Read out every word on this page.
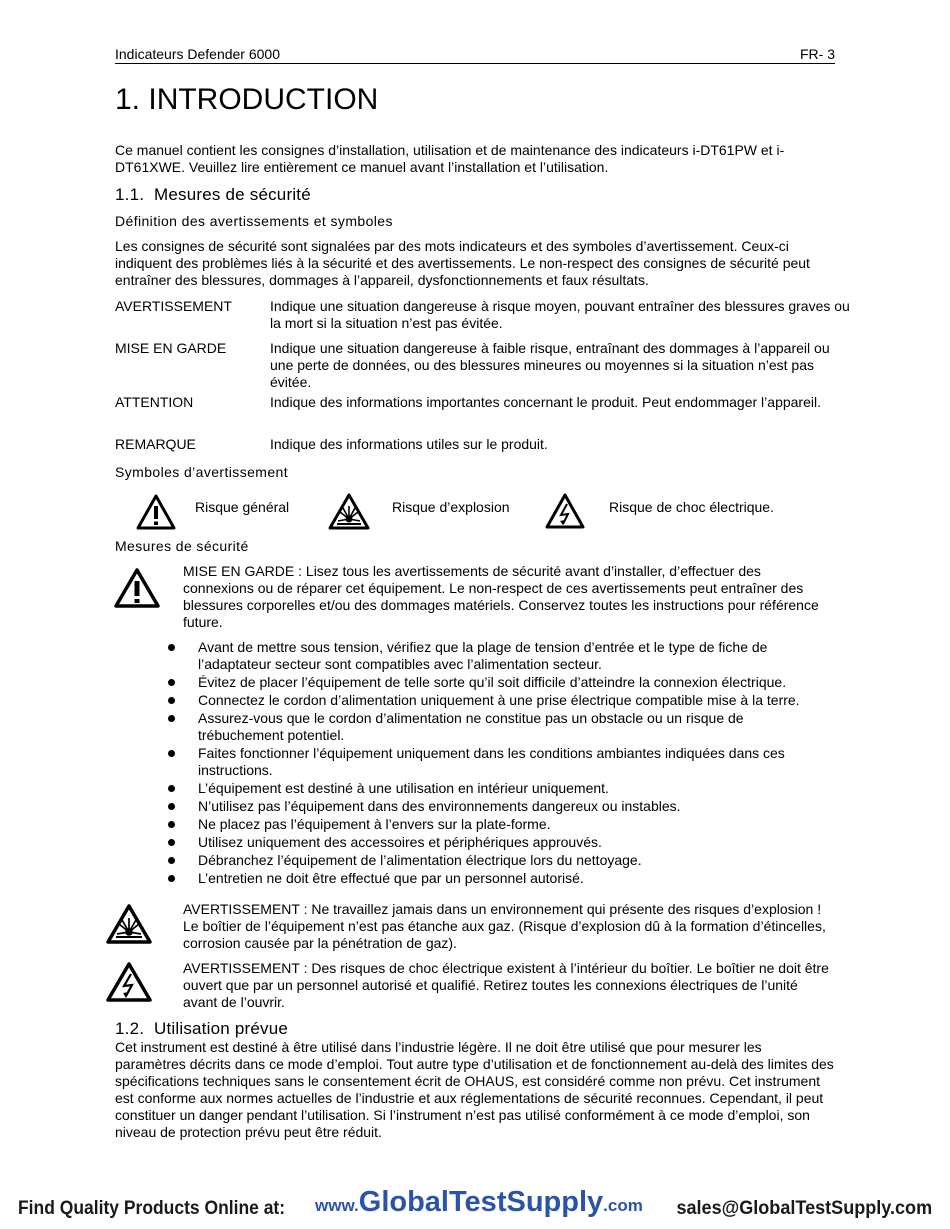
Indicateurs Defender 6000	FR- 3
1. INTRODUCTION
Ce manuel contient les consignes d’installation, utilisation et de maintenance des indicateurs i-DT61PW et i-DT61XWE. Veuillez lire entièrement ce manuel avant l’installation et l’utilisation.
1.1.  Mesures de sécurité
Définition des avertissements et symboles
Les consignes de sécurité sont signalées par des mots indicateurs et des symboles d’avertissement. Ceux-ci indiquent des problèmes liés à la sécurité et des avertissements. Le non-respect des consignes de sécurité peut entraîner des blessures, dommages à l’appareil, dysfonctionnements et faux résultats.
AVERTISSEMENT	Indique une situation dangereuse à risque moyen, pouvant entraîner des blessures graves ou la mort si la situation n’est pas évitée.
MISE EN GARDE	Indique une situation dangereuse à faible risque, entraînant des dommages à l’appareil ou une perte de données, ou des blessures mineures ou moyennes si la situation n’est pas évitée.
ATTENTION	Indique des informations importantes concernant le produit. Peut endommager l’appareil.
REMARQUE	Indique des informations utiles sur le produit.
Symboles d’avertissement
Risque général	Risque d’explosion	Risque de choc électrique.
Mesures de sécurité
MISE EN GARDE : Lisez tous les avertissements de sécurité avant d’installer, d’effectuer des connexions ou de réparer cet équipement. Le non-respect de ces avertissements peut entraîner des blessures corporelles et/ou des dommages matériels. Conservez toutes les instructions pour référence future.
Avant de mettre sous tension, vérifiez que la plage de tension d’entrée et le type de fiche de l’adaptateur secteur sont compatibles avec l’alimentation secteur.
Évitez de placer l’équipement de telle sorte qu’il soit difficile d’atteindre la connexion électrique.
Connectez le cordon d’alimentation uniquement à une prise électrique compatible mise à la terre.
Assurez-vous que le cordon d’alimentation ne constitue pas un obstacle ou un risque de trébuchement potentiel.
Faites fonctionner l’équipement uniquement dans les conditions ambiantes indiquées dans ces instructions.
L’équipement est destiné à une utilisation en intérieur uniquement.
N’utilisez pas l’équipement dans des environnements dangereux ou instables.
Ne placez pas l’équipement à l’envers sur la plate-forme.
Utilisez uniquement des accessoires et périphériques approuvés.
Débranchez l’équipement de l’alimentation électrique lors du nettoyage.
L’entretien ne doit être effectué que par un personnel autorisé.
AVERTISSEMENT : Ne travaillez jamais dans un environnement qui présente des risques d’explosion ! Le boîtier de l’équipement n’est pas étanche aux gaz. (Risque d’explosion dû à la formation d’étincelles, corrosion causée par la pénétration de gaz).
AVERTISSEMENT : Des risques de choc électrique existent à l’intérieur du boîtier. Le boîtier ne doit être ouvert que par un personnel autorisé et qualifié. Retirez toutes les connexions électriques de l’unité avant de l’ouvrir.
1.2.  Utilisation prévue
Cet instrument est destiné à être utilisé dans l’industrie légère. Il ne doit être utilisé que pour mesurer les paramètres décrits dans ce mode d’emploi. Tout autre type d’utilisation et de fonctionnement au-delà des limites des spécifications techniques sans le consentement écrit de OHAUS, est considéré comme non prévu. Cet instrument est conforme aux normes actuelles de l’industrie et aux réglementations de sécurité reconnues. Cependant, il peut constituer un danger pendant l’utilisation. Si l’instrument n’est pas utilisé conformément à ce mode d’emploi, son niveau de protection prévu peut être réduit.
Find Quality Products Online at: www.GlobalTestSupply.com sales@GlobalTestSupply.com
